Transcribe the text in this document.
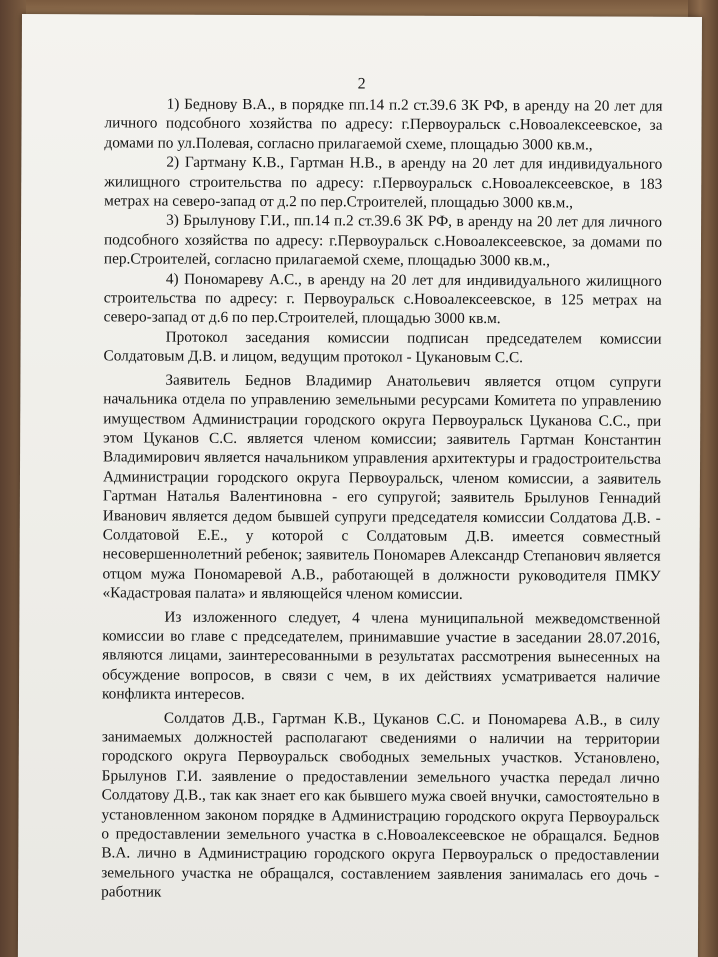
2

1) Беднову В.А., в порядке пп.14 п.2 ст.39.6 ЗК РФ, в аренду на 20 лет для личного подсобного хозяйства по адресу: г.Первоуральск с.Новоалексеевское, за домами по ул.Полевая, согласно прилагаемой схеме, площадью 3000 кв.м.,

2) Гартману К.В., Гартман Н.В., в аренду на 20 лет для индивидуального жилищного строительства по адресу: г.Первоуральск с.Новоалексеевское, в 183 метрах на северо-запад от д.2 по пер.Строителей, площадью 3000 кв.м.,

3) Брылунову Г.И., пп.14 п.2 ст.39.6 ЗК РФ, в аренду на 20 лет для личного подсобного хозяйства по адресу: г.Первоуральск с.Новоалексеевское, за домами по пер.Строителей, согласно прилагаемой схеме, площадью 3000 кв.м.,

4) Пономареву А.С., в аренду на 20 лет для индивидуального жилищного строительства по адресу: г. Первоуральск с.Новоалексеевское, в 125 метрах на северо-запад от д.6 по пер.Строителей, площадью 3000 кв.м.

Протокол заседания комиссии подписан председателем комиссии Солдатовым Д.В. и лицом, ведущим протокол - Цукановым С.С.

Заявитель Беднов Владимир Анатольевич является отцом супруги начальника отдела по управлению земельными ресурсами Комитета по управлению имуществом Администрации городского округа Первоуральск Цуканова С.С., при этом Цуканов С.С. является членом комиссии; заявитель Гартман Константин Владимирович является начальником управления архитектуры и градостроительства Администрации городского округа Первоуральск, членом комиссии, а заявитель Гартман Наталья Валентиновна - его супругой; заявитель Брылунов Геннадий Иванович является дедом бывшей супруги председателя комиссии Солдатова Д.В. - Солдатовой Е.Е., у которой с Солдатовым Д.В. имеется совместный несовершеннолетний ребенок; заявитель Пономарев Александр Степанович является отцом мужа Пономаревой А.В., работающей в должности руководителя ПМКУ «Кадастровая палата» и являющейся членом комиссии.

Из изложенного следует, 4 члена муниципальной межведомственной комиссии во главе с председателем, принимавшие участие в заседании 28.07.2016, являются лицами, заинтересованными в результатах рассмотрения вынесенных на обсуждение вопросов, в связи с чем, в их действиях усматривается наличие конфликта интересов.

Солдатов Д.В., Гартман К.В., Цуканов С.С. и Пономарева А.В., в силу занимаемых должностей располагают сведениями о наличии на территории городского округа Первоуральск свободных земельных участков. Установлено, Брылунов Г.И. заявление о предоставлении земельного участка передал лично Солдатову Д.В., так как знает его как бывшего мужа своей внучки, самостоятельно в установленном законом порядке в Администрацию городского округа Первоуральск о предоставлении земельного участка в с.Новоалексеевское не обращался. Беднов В.А. лично в Администрацию городского округа Первоуральск о предоставлении земельного участка не обращался, составлением заявления занималась его дочь - работник
